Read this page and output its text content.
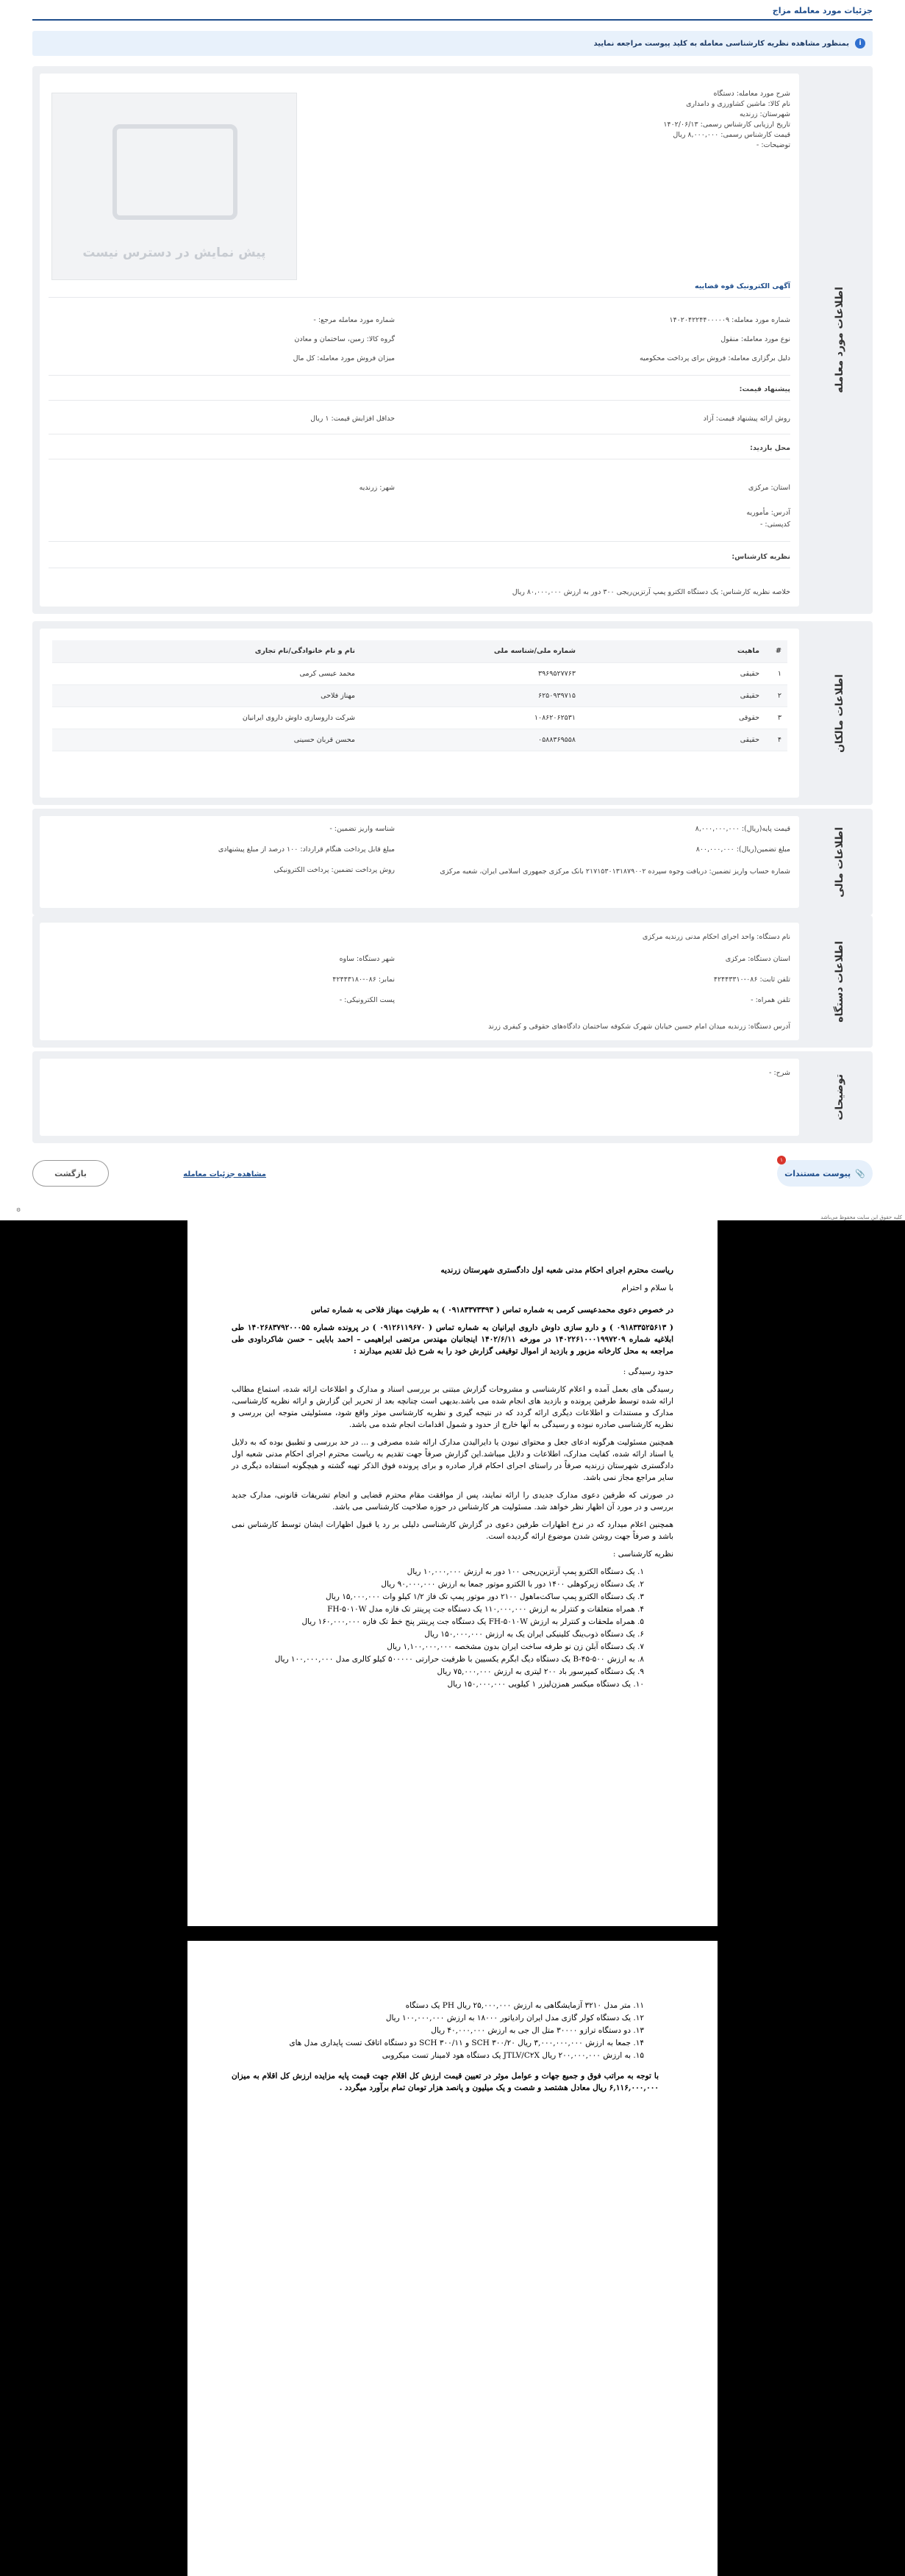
جزئیات مورد معامله مزاج
i
بمنظور مشاهده نظریه کارشناسی معامله به کلید پیوست مراجعه نمایید
اطلاعات مورد معامله
شرح مورد معامله: دستگاه
نام کالا: ماشین کشاورزی و دامداری
شهرستان: زرندیه
تاریخ ارزیابی کارشناس رسمی: ۱۴۰۲/۰۶/۱۳
قیمت کارشناس رسمی: ۸,۰۰۰,۰۰۰ ریال
توضیحات: -
پیش نمایش در دسترس نیست
آگهی الکترونیک قوه قضاییه
شماره مورد معامله: ۱۴۰۲۰۴۲۲۴۴۰۰۰۰۰۹
شماره مورد معامله مرجع: -
نوع مورد معامله: منقول
گروه کالا: زمین، ساختمان و معادن
دلیل برگزاری معامله: فروش برای پرداخت محکومیه
میزان فروش مورد معامله: کل مال
پیشنهاد قیمت:
روش ارائه پیشنهاد قیمت: آزاد
حداقل افزایش قیمت: ۱ ریال
محل بازدید:
استان: مرکزی
شهر: زرندیه
آدرس: مأموریه
کدپستی: -
نظریه کارشناس:
خلاصه نظریه کارشناس: یک دستگاه الکترو پمپ آرتزین‌ریجی ۳۰۰ دور به ارزش ۸۰,۰۰۰,۰۰۰ ریال
اطلاعات مالکان
#	ماهیت	شماره ملی/شناسه ملی	نام و نام خانوادگی/نام تجاری
۱	حقیقی	۳۹۶۹۵۲۷۷۶۳	محمد عیسی کرمی
۲	حقیقی	۶۲۵۰۹۳۹۷۱۵	مهناز فلاحی
۳	حقوقی	۱۰۸۶۲۰۶۲۵۳۱	شرکت داروسازی داوش داروی ایرانیان
۴	حقیقی	۰۵۸۸۳۶۹۵۵۸	محسن قربان حسینی
اطلاعات مالی
قیمت پایه(ریال): ۸,۰۰۰,۰۰۰,۰۰۰
شناسه واریز تضمین: -
مبلغ تضمین(ریال): ۸۰۰,۰۰۰,۰۰۰
مبلغ قابل پرداخت هنگام قرارداد: ۱۰۰ درصد از مبلغ پیشنهادی
شماره حساب واریز تضمین: دریافت وجوه سپرده ۲۱۷۱۵۳۰۱۳۱۸۷۹۰۰۲ بانک مرکزی جمهوری اسلامی ایران، شعبه مرکزی
روش پرداخت تضمین: پرداخت الکترونیکی
اطلاعات دستگاه
نام دستگاه: واحد اجرای احکام مدنی زرندیه مرکزی
استان دستگاه: مرکزی
شهر دستگاه: ساوه
تلفن ثابت: ۰۸۶-۴۲۴۴۳۳۱۰
نمابر: ۰۸۶-۴۲۴۴۳۱۸۰
تلفن همراه: -
پست الکترونیکی: -
آدرس دستگاه: زرندیه میدان امام حسین خیابان شهرک شکوفه ساختمان دادگاه‌های حقوقی و کیفری زرند
توضیحات
شرح: -
📎
پیوست مستندات
۱
مشاهده جزئیات معامله
بازگشت
⚙
کلیه حقوق این سایت محفوظ می‌باشد

ریاست محترم اجرای احکام مدنی شعبه اول دادگستری شهرستان زرندیه

با سلام و احترام

در خصوص دعوی محمدعیسی کرمی به شماره تماس ( ۰۹۱۸۳۳۷۳۳۹۳ ) به طرفیت مهناز فلاحی به شماره تماس

( ۰۹۱۸۳۳۵۲۵۶۱۳ ) و دارو سازی داوش داروی ایرانیان به شماره تماس ( ۰۹۱۲۶۱۱۹۶۷۰ ) در پرونده شماره ۱۴۰۲۶۸۳۷۹۲۰۰۰۵۵ طی ابلاغیه شماره ۱۴۰۲۲۶۱۰۰۰۱۹۹۷۲۰۹ در مورخه ۱۴۰۲/۶/۱۱ اینجانبان مهندس مرتضی ابراهیمی – احمد بابایی – حسن شاکرداودی طی مراجعه به محل کارخانه مزبور و بازدید از اموال توقیفی گزارش خود را به شرح ذیل تقدیم میدارند :

حدود رسیدگی :

رسیدگی های بعمل آمده و اعلام کارشناسی و مشروحات گزارش مبتنی بر بررسی اسناد و مدارک و اطلاعات ارائه شده، استماع مطالب ارائه شده توسط طرفین پرونده و بازدید های انجام شده می باشد.بدیهی است چنانچه بعد از تحریر این گزارش و ارائه نظریه کارشناسی، مدارک و مستندات و اطلاعات دیگری ارائه گردد که در نتیجه گیری و نظریه کارشناسی موثر واقع شود، مسئولیتی متوجه این بررسی و نظریه کارشناسی صادره نبوده و رسیدگی به آنها خارج از حدود و شمول اقدامات انجام شده می باشد.

همچنین مسئولیت هرگونه ادعای جعل و محتوای نبودن یا دایرالیدن مدارک ارائه شده مصرفی و ... در حد بررسی و تطبیق بوده که به دلایل یا اسناد ارائه شده، کفایت مدارک، اطلاعات و دلایل میباشد.این گزارش صرفاً جهت تقدیم به ریاست محترم اجرای احکام مدنی شعبه اول دادگستری شهرستان زرندیه صرفاً در راستای اجرای احکام قرار صادره و برای پرونده فوق الذکر تهیه گشته و هیچگونه استفاده دیگری در سایر مراجع مجاز نمی باشد.

در صورتی که طرفین دعوی مدارک جدیدی را ارائه نمایند، پس از موافقت مقام محترم قضایی و انجام تشریفات قانونی، مدارک جدید بررسی و در مورد آن اظهار نظر خواهد شد. مسئولیت هر کارشناس در حوزه صلاحیت کارشناسی می باشد.

همچنین اعلام میدارد که در نرخ اظهارات طرفین دعوی در گزارش کارشناسی دلیلی بر رد یا قبول اظهارات ایشان توسط کارشناس نمی باشد و صرفاً جهت روشن شدن موضوع ارائه گردیده است.

نظریه کارشناسی :

۱. یک دستگاه الکترو پمپ آرتزین‌ریجی ۱۰۰ دور به ارزش ۱۰,۰۰۰,۰۰۰ ریال
۲. یک دستگاه زیرکوهلی ۱۴۰۰ دور با الکترو موتور جمعا به ارزش ۹۰,۰۰۰,۰۰۰ ریال
۳. یک دستگاه الکترو پمپ ساکت‌ماهول ۲۱۰۰ دور موتور پمپ تک فاز ۱/۲ کیلو وات ۱۵,۰۰۰,۰۰۰ ریال
۴. همراه متعلقات و کنترلر به ارزش ۱۱۰,۰۰۰,۰۰۰ یک دستگاه جت پرینتر تک فازه مدل FH-۵۰۱۰W
۵. همراه ملحقات و کنترلر به ارزش FH-۵۰۱۰W یک دستگاه جت پرینتر پنج خط تک فازه ۱۶۰,۰۰۰,۰۰۰ ریال
۶. یک دستگاه ذوب‌ینگ کلینیکی ایران یک به ارزش ۱۵۰,۰۰۰,۰۰۰ ریال
۷. یک دستگاه آبلن زن نو طرفه ساخت ایران بدون مشخصه ۱,۱۰۰,۰۰۰,۰۰۰ ریال
۸. به ارزش ۵۰۰-B-۴۵ یک دستگاه دیگ ابگرم یکسیین با ظرفیت حرارتی ۵۰۰۰۰۰ کیلو کالری مدل ۱۰۰,۰۰۰,۰۰۰ ریال
۹. یک دستگاه کمپرسور باد ۲۰۰ لیتری به ارزش ۷۵,۰۰۰,۰۰۰ ریال
۱۰. یک دستگاه میکسر همزن‌لیزر ۱ کیلویی ۱۵۰,۰۰۰,۰۰۰ ریال
۱۱. متر مدل ۳۲۱۰ آزمایشگاهی به ارزش ۲۵,۰۰۰,۰۰۰ ریال PH یک دستگاه
۱۲. یک دستگاه کولر گازی مدل ایران رادیاتور ۱۸۰۰۰ به ارزش ۱۰۰,۰۰۰,۰۰۰ ریال
۱۳. دو دستگاه ترازو ۳۰۰۰۰ متل ال جی به ارزش ۴۰,۰۰۰,۰۰۰ ریال
۱۴. جمعا به ارزش ۳,۰۰۰,۰۰۰,۰۰۰ ریال SCH ۳۰۰/۲۰ و SCH ۳۰۰/۱۱ دو دستگاه اتاقک تست پایداری مدل های
۱۵. به ارزش ۲۰۰,۰۰۰,۰۰۰ ریال JTLV/C۲X یک دستگاه هود لامینار تست میکروبی

با توجه به مراتب فوق و جمیع جهات و عوامل موثر در تعیین قیمت ارزش کل اقلام جهت قیمت پایه مزایده ارزش کل اقلام به میزان ۶,۱۱۶,۰۰۰,۰۰۰ ریال معادل هشتصد و شصت و یک میلیون و پانصد هزار تومان تمام برآورد میگردد .
